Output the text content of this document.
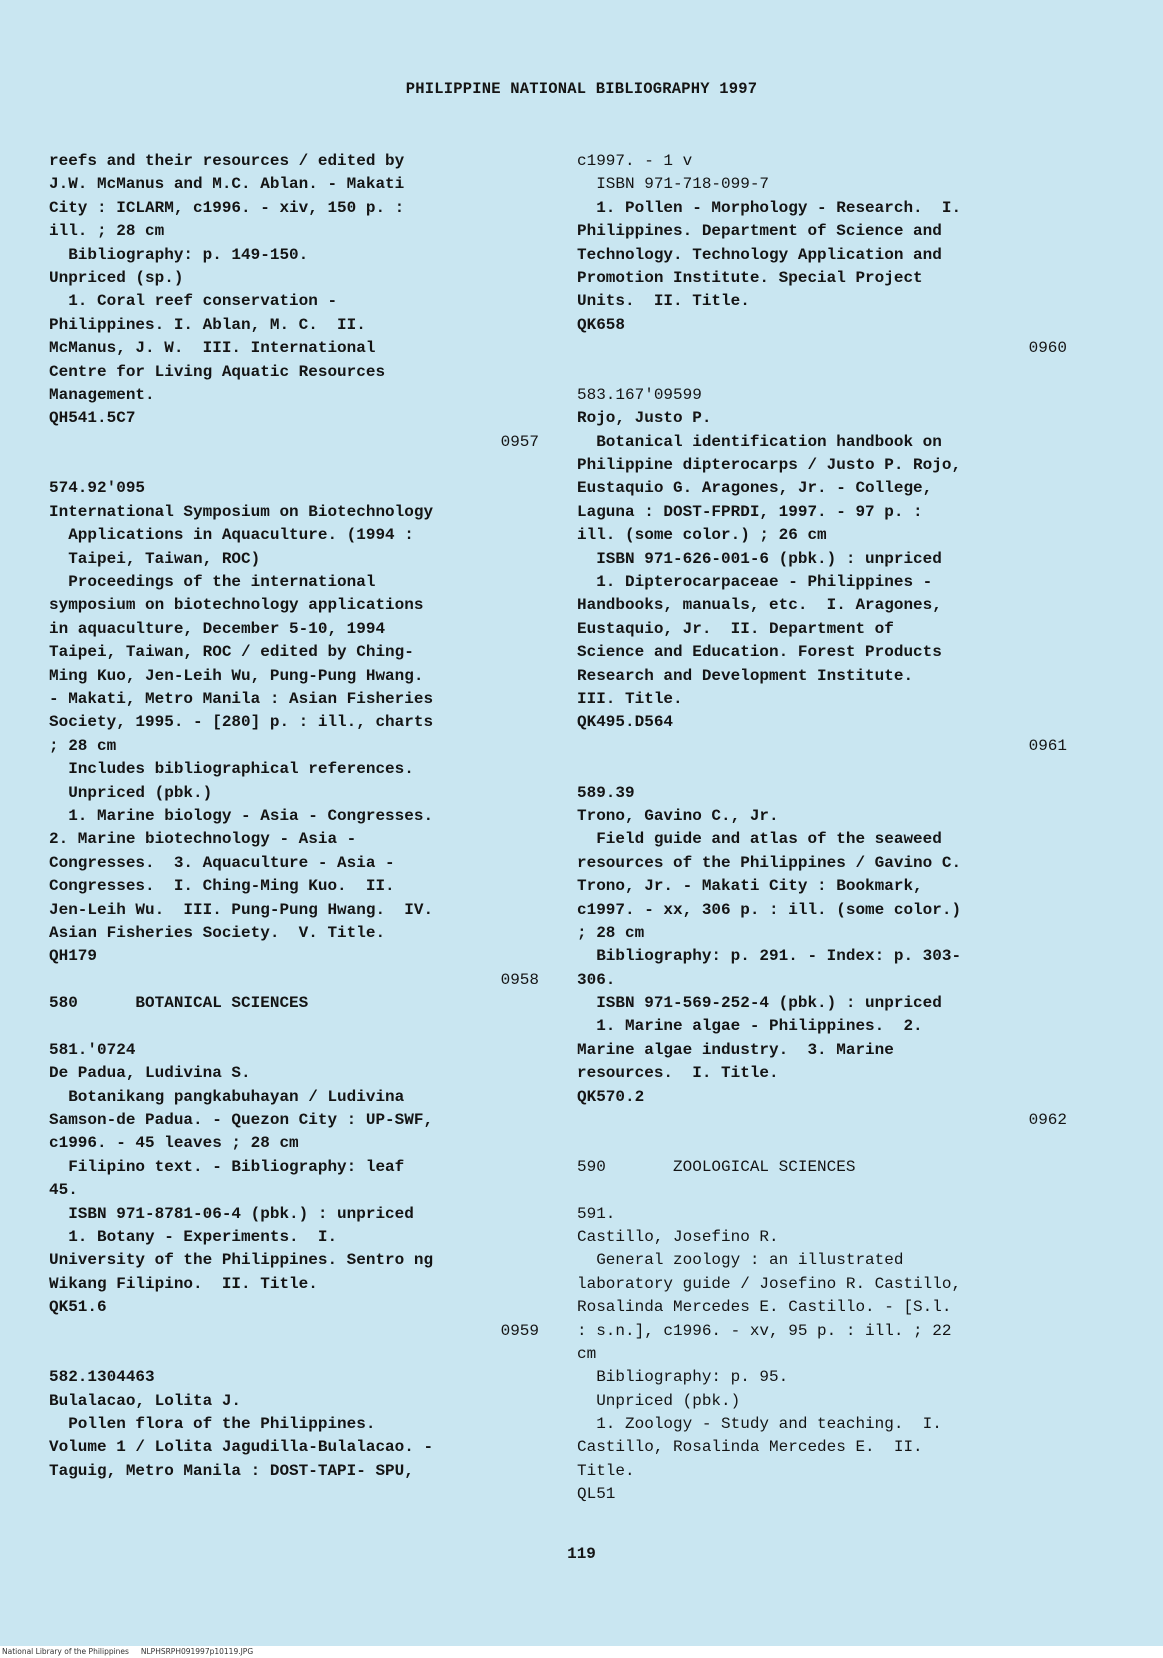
PHILIPPINE NATIONAL BIBLIOGRAPHY 1997
reefs and their resources / edited by
J.W. McManus and M.C. Ablan. - Makati
City : ICLARM, c1996. - xiv, 150 p. :
ill. ; 28 cm
Bibliography: p. 149-150.
Unpriced (sp.)
1. Coral reef conservation -
Philippines. I. Ablan, M. C.  II.
McManus, J. W.  III. International
Centre for Living Aquatic Resources
Management.
QH541.5C7
0957
574.92'095
International Symposium on Biotechnology
Applications in Aquaculture. (1994 :
Taipei, Taiwan, ROC)
Proceedings of the international
symposium on biotechnology applications
in aquaculture, December 5-10, 1994
Taipei, Taiwan, ROC / edited by Ching-
Ming Kuo, Jen-Leih Wu, Pung-Pung Hwang.
- Makati, Metro Manila : Asian Fisheries
Society, 1995. - [280] p. : ill., charts
; 28 cm
Includes bibliographical references.
Unpriced (pbk.)
1. Marine biology - Asia - Congresses.
2. Marine biotechnology - Asia -
Congresses.  3. Aquaculture - Asia -
Congresses.  I. Ching-Ming Kuo.  II.
Jen-Leih Wu.  III. Pung-Pung Hwang.  IV.
Asian Fisheries Society.  V. Title.
QH179
0958
580      BOTANICAL SCIENCES
581.'0724
De Padua, Ludivina S.
Botanikang pangkabuhayan / Ludivina
Samson-de Padua. - Quezon City : UP-SWF,
c1996. - 45 leaves ; 28 cm
Filipino text. - Bibliography: leaf
45.
ISBN 971-8781-06-4 (pbk.) : unpriced
1. Botany - Experiments.  I.
University of the Philippines. Sentro ng
Wikang Filipino.  II. Title.
QK51.6
0959
582.1304463
Bulalacao, Lolita J.
Pollen flora of the Philippines.
Volume 1 / Lolita Jagudilla-Bulalacao. -
Taguig, Metro Manila : DOST-TAPI- SPU,
c1997. - 1 v
ISBN 971-718-099-7
1. Pollen - Morphology - Research.  I.
Philippines. Department of Science and
Technology. Technology Application and
Promotion Institute. Special Project
Units.  II. Title.
QK658
0960
583.167'09599
Rojo, Justo P.
Botanical identification handbook on
Philippine dipterocarps / Justo P. Rojo,
Eustaquio G. Aragones, Jr. - College,
Laguna : DOST-FPRDI, 1997. - 97 p. :
ill. (some color.) ; 26 cm
ISBN 971-626-001-6 (pbk.) : unpriced
1. Dipterocarpaceae - Philippines -
Handbooks, manuals, etc.  I. Aragones,
Eustaquio, Jr.  II. Department of
Science and Education. Forest Products
Research and Development Institute.
III. Title.
QK495.D564
0961
589.39
Trono, Gavino C., Jr.
Field guide and atlas of the seaweed
resources of the Philippines / Gavino C.
Trono, Jr. - Makati City : Bookmark,
c1997. - xx, 306 p. : ill. (some color.)
; 28 cm
Bibliography: p. 291. - Index: p. 303-
306.
ISBN 971-569-252-4 (pbk.) : unpriced
1. Marine algae - Philippines.  2.
Marine algae industry.  3. Marine
resources.  I. Title.
QK570.2
0962
590       ZOOLOGICAL SCIENCES
591.
Castillo, Josefino R.
General zoology : an illustrated
laboratory guide / Josefino R. Castillo,
Rosalinda Mercedes E. Castillo. - [S.l.
: s.n.], c1996. - xv, 95 p. : ill. ; 22
cm
Bibliography: p. 95.
Unpriced (pbk.)
1. Zoology - Study and teaching.  I.
Castillo, Rosalinda Mercedes E.  II.
Title.
QL51
119
National Library of the Philippines     NLPHSRPH091997p10119.JPG
